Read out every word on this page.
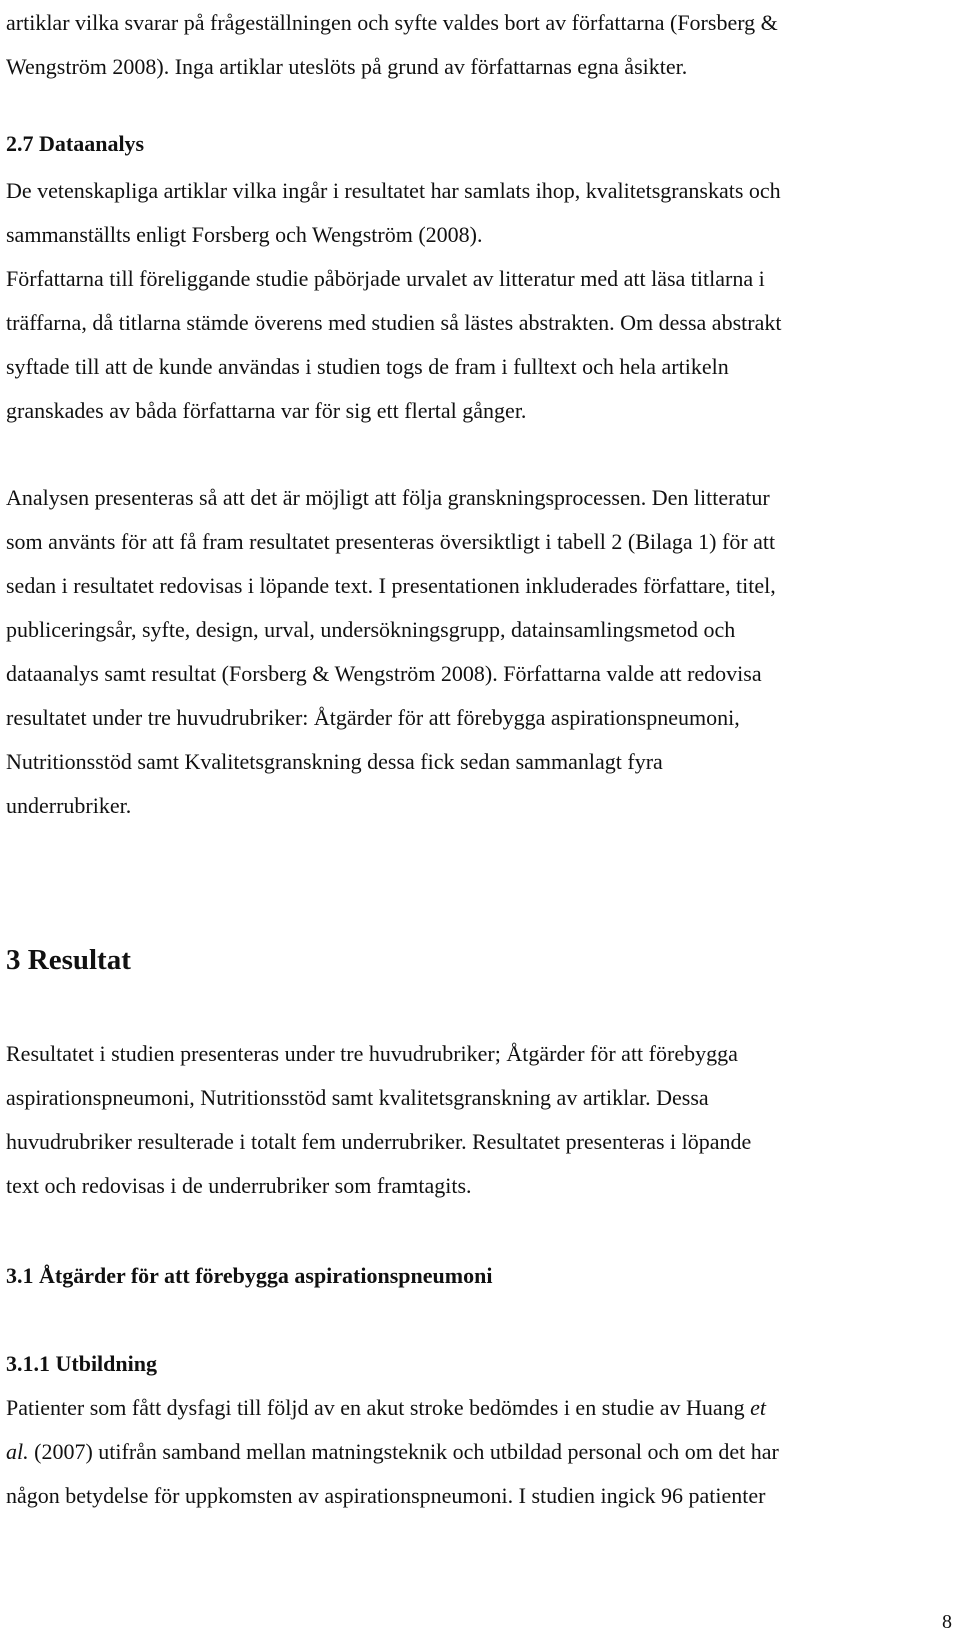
artiklar vilka svarar på frågeställningen och syfte valdes bort av författarna (Forsberg &
Wengström 2008). Inga artiklar uteslöts på grund av författarnas egna åsikter.
2.7 Dataanalys
De vetenskapliga artiklar vilka ingår i resultatet har samlats ihop, kvalitetsgranskats och
sammanställts enligt Forsberg och Wengström (2008).
Författarna till föreliggande studie påbörjade urvalet av litteratur med att läsa titlarna i
träffarna, då titlarna stämde överens med studien så lästes abstrakten. Om dessa abstrakt
syftade till att de kunde användas i studien togs de fram i fulltext och hela artikeln
granskades av båda författarna var för sig ett flertal gånger.
Analysen presenteras så att det är möjligt att följa granskningsprocessen. Den litteratur
som använts för att få fram resultatet presenteras översiktligt i tabell 2 (Bilaga 1) för att
sedan i resultatet redovisas i löpande text. I presentationen inkluderades författare, titel,
publiceringsår, syfte, design, urval, undersökningsgrupp, datainsamlingsmetod och
dataanalys samt resultat (Forsberg & Wengström 2008). Författarna valde att redovisa
resultatet under tre huvudrubriker: Åtgärder för att förebygga aspirationspneumoni,
Nutritionsstöd samt Kvalitetsgranskning dessa fick sedan sammanlagt fyra
underrubriker.
3 Resultat
Resultatet i studien presenteras under tre huvudrubriker; Åtgärder för att förebygga
aspirationspneumoni, Nutritionsstöd samt kvalitetsgranskning av artiklar. Dessa
huvudrubriker resulterade i totalt fem underrubriker. Resultatet presenteras i löpande
text och redovisas i de underrubriker som framtagits.
3.1 Åtgärder för att förebygga aspirationspneumoni
3.1.1 Utbildning
Patienter som fått dysfagi till följd av en akut stroke bedömdes i en studie av Huang et
al. (2007) utifrån samband mellan matningsteknik och utbildad personal och om det har
någon betydelse för uppkomsten av aspirationspneumoni. I studien ingick 96 patienter
8
